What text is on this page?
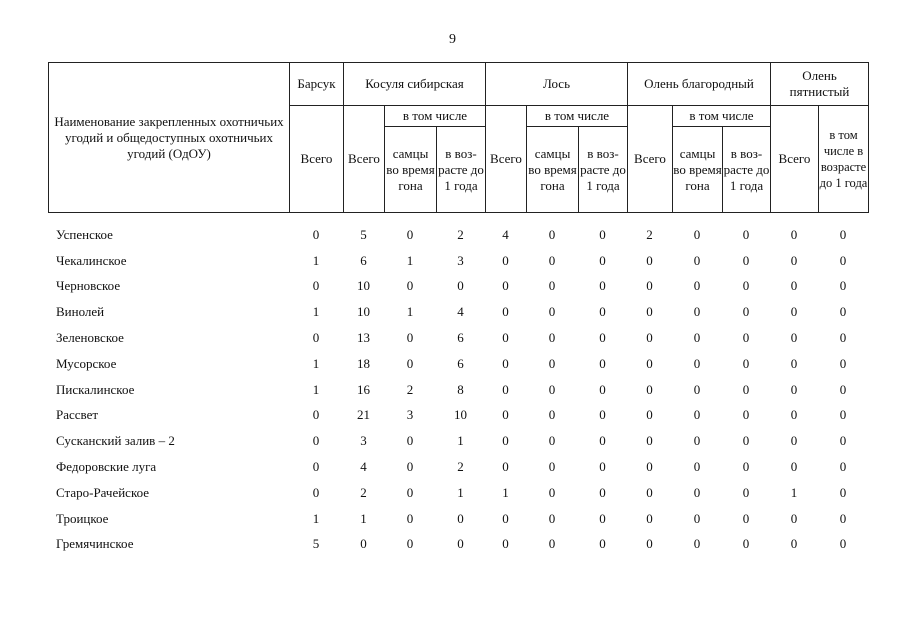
9
Наименование закрепленных охотничьих угодий и общедоступных охотничьих угодий (ОдОУ)	Барсук	Косуля сибирская			Лось			Олень благородный			Олень пятнистый	
	Всего	Всего	в том числе		Всего	в том числе		Всего	в том числе		Всего	в том числе в возрасте до 1 года
			самцы во время гона	в воз-расте до 1 года		самцы во время гона	в воз-расте до 1 года		самцы во время гона	в воз-расте до 1 года		
Успенское	0	5	0	2	4	0	0	2	0	0	0	0
Чекалинское	1	6	1	3	0	0	0	0	0	0	0	0
Черновское	0	10	0	0	0	0	0	0	0	0	0	0
Винолей	1	10	1	4	0	0	0	0	0	0	0	0
Зеленовское	0	13	0	6	0	0	0	0	0	0	0	0
Мусорское	1	18	0	6	0	0	0	0	0	0	0	0
Пискалинское	1	16	2	8	0	0	0	0	0	0	0	0
Рассвет	0	21	3	10	0	0	0	0	0	0	0	0
Сусканский залив – 2	0	3	0	1	0	0	0	0	0	0	0	0
Федоровские луга	0	4	0	2	0	0	0	0	0	0	0	0
Старо-Рачейское	0	2	0	1	1	0	0	0	0	0	1	0
Троицкое	1	1	0	0	0	0	0	0	0	0	0	0
Гремячинское	5	0	0	0	0	0	0	0	0	0	0	0
